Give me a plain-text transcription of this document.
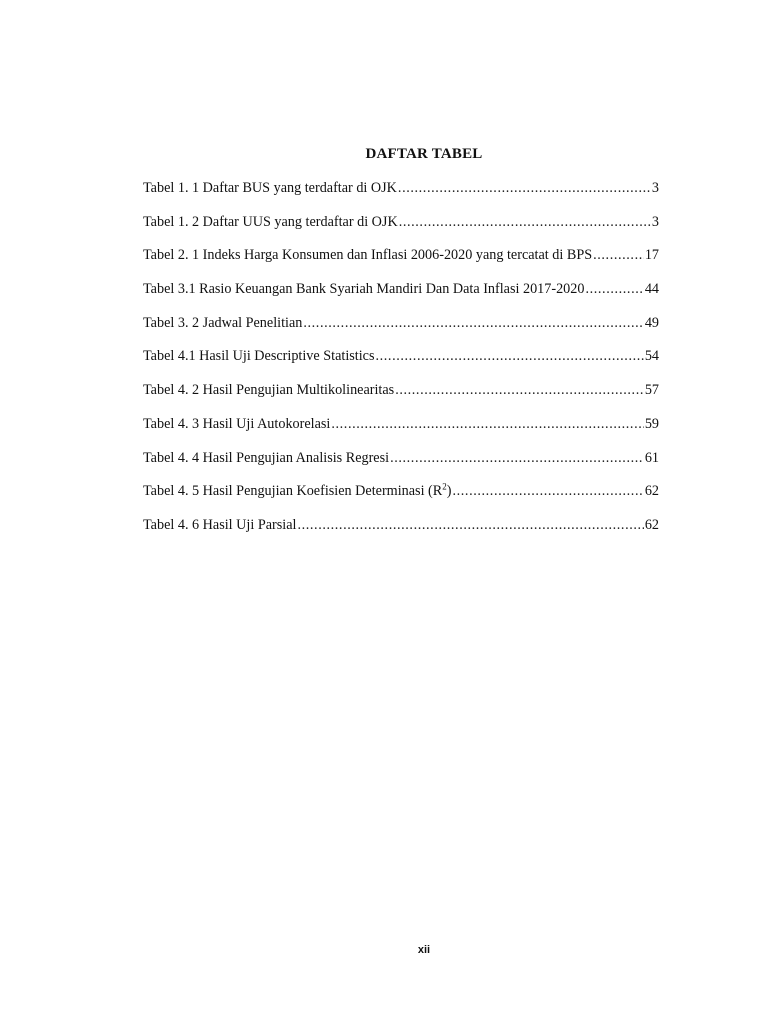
DAFTAR TABEL
Tabel 1. 1 Daftar BUS yang terdaftar di OJK .....	3
Tabel 1. 2 Daftar UUS yang terdaftar di OJK .....	3
Tabel 2. 1 Indeks Harga Konsumen dan Inflasi 2006-2020 yang tercatat di BPS .....	17
Tabel 3.1 Rasio Keuangan Bank Syariah Mandiri Dan Data Inflasi 2017-2020 .....	44
Tabel 3. 2 Jadwal Penelitian .....	49
Tabel 4.1 Hasil Uji Descriptive Statistics .....	54
Tabel 4. 2 Hasil Pengujian Multikolinearitas .....	57
Tabel 4. 3 Hasil Uji Autokorelasi .....	59
Tabel 4. 4 Hasil Pengujian Analisis Regresi .....	61
Tabel 4. 5 Hasil Pengujian Koefisien Determinasi $(R^2)$ .....	62
Tabel 4. 6 Hasil Uji Parsial .....	62
xii
